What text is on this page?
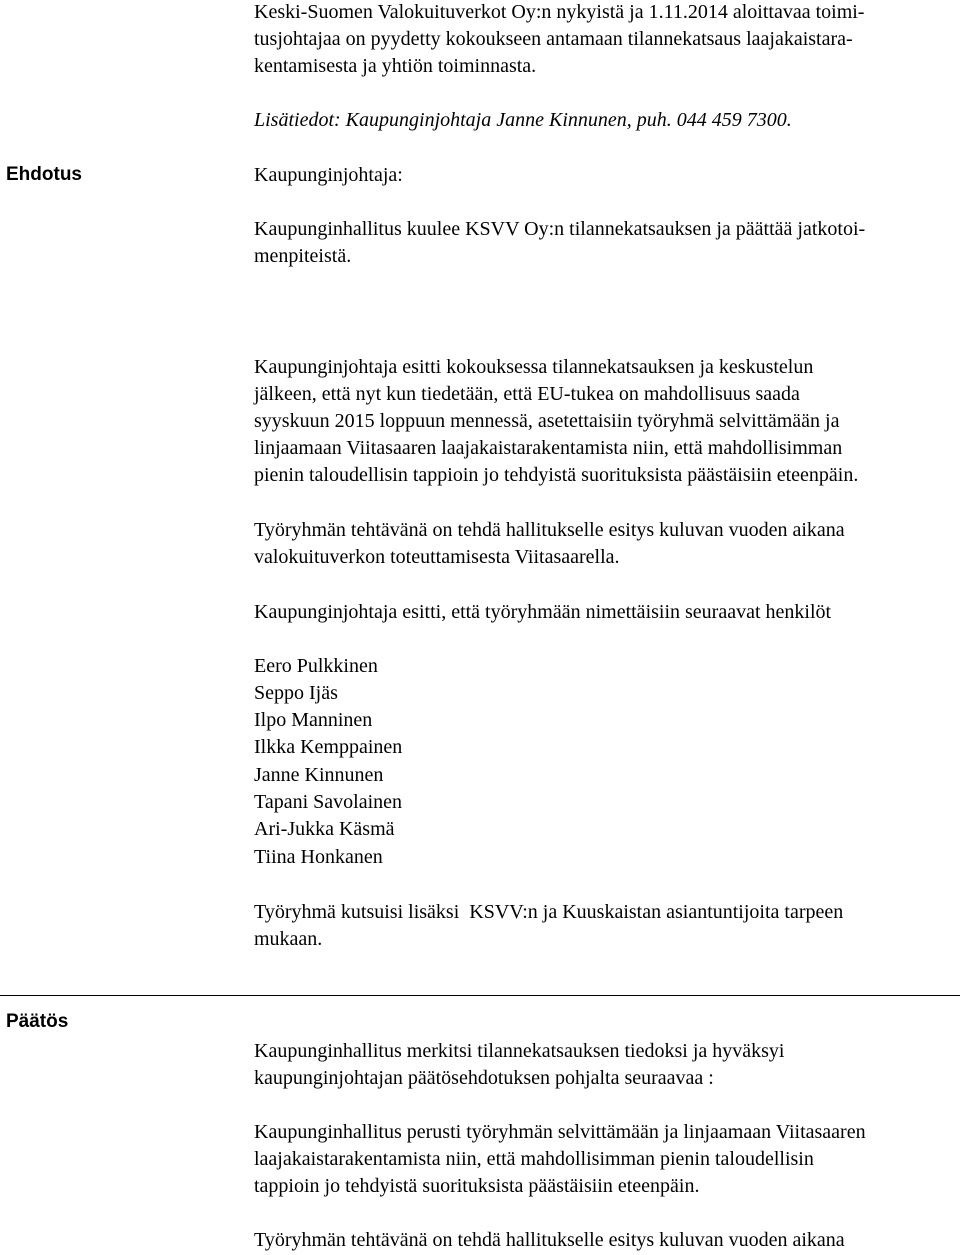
Keski-Suomen Valokuituverkot Oy:n nykyistä ja 1.11.2014 aloittavaa toimi-

tusjohtajaa on pyydetty kokoukseen antamaan tilannekatsaus laajakaistara-

kentamisesta ja yhtiön toiminnasta.

Lisätiedot: Kaupunginjohtaja Janne Kinnunen, puh. 044 459 7300.

Ehdotus	Kaupunginjohtaja:

Kaupunginhallitus kuulee KSVV Oy:n tilannekatsauksen ja päättää jatkotoi-

menpiteistä.

Kaupunginjohtaja esitti kokouksessa tilannekatsauksen ja keskustelun

jälkeen, että nyt kun tiedetään, että EU-tukea on mahdollisuus saada

syyskuun 2015 loppuun mennessä, asetettaisiin työryhmä selvittämään ja

linjaamaan Viitasaaren laajakaistarakentamista niin, että mahdollisimman

pienin taloudellisin tappioin jo tehdyistä suorituksista päästäisiin eteenpäin.

Työryhmän tehtävänä on tehdä hallitukselle esitys kuluvan vuoden aikana

valokuituverkon toteuttamisesta Viitasaarella.

Kaupunginjohtaja esitti, että työryhmään nimettäisiin seuraavat henkilöt

Eero Pulkkinen

Seppo Ijäs

Ilpo Manninen

Ilkka Kemppainen

Janne Kinnunen

Tapani Savolainen

Ari-Jukka Käsmä

Tiina Honkanen

Työryhmä kutsuisi lisäksi  KSVV:n ja Kuuskaistan asiantuntijoita tarpeen

mukaan.

Päätös

Kaupunginhallitus merkitsi tilannekatsauksen tiedoksi ja hyväksyi

kaupunginjohtajan päätösehdotuksen pohjalta seuraavaa :

Kaupunginhallitus perusti työryhmän selvittämään ja linjaamaan Viitasaaren

laajakaistarakentamista niin, että mahdollisimman pienin taloudellisin

tappioin jo tehdyistä suorituksista päästäisiin eteenpäin.

Työryhmän tehtävänä on tehdä hallitukselle esitys kuluvan vuoden aikana
